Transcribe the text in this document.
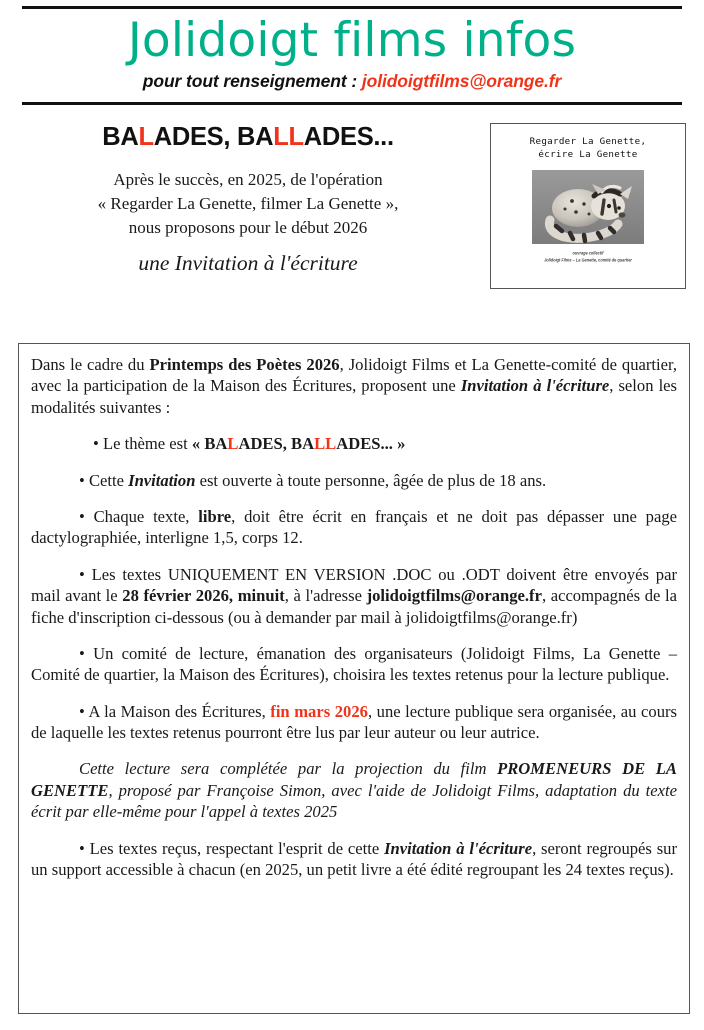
Jolidoigt films infos
pour tout renseignement : jolidoigtfilms@orange.fr
BALADES, BALLADES...
Après le succès, en 2025, de l'opération
« Regarder La Genette, filmer La Genette »,
nous proposons pour le début 2026
une Invitation à l'écriture
Regarder La Genette,
écrire La Genette
ouvrage collectif
Jolidoigt Films – La Genette, comité de quartier

Dans le cadre du Printemps des Poètes 2026, Jolidoigt Films et La Genette-comité de quartier, avec la participation de la Maison des Écritures, proposent une Invitation à l'écriture, selon les modalités suivantes :

• Le thème est « BALADES, BALLADES... »

• Cette Invitation est ouverte à toute personne, âgée de plus de 18 ans.

• Chaque texte, libre, doit être écrit en français et ne doit pas dépasser une page dactylographiée, interligne 1,5, corps 12.

• Les textes UNIQUEMENT EN VERSION .DOC ou .ODT doivent être envoyés par mail avant le 28 février 2026, minuit, à l'adresse jolidoigtfilms@orange.fr, accompagnés de la fiche d'inscription ci-dessous (ou à demander par mail à jolidoigtfilms@orange.fr)

• Un comité de lecture, émanation des organisateurs (Jolidoigt Films, La Genette – Comité de quartier, la Maison des Écritures), choisira les textes retenus pour la lecture publique.

• A la Maison des Écritures, fin mars 2026, une lecture publique sera organisée, au cours de laquelle les textes retenus pourront être lus par leur auteur ou leur autrice.

Cette lecture sera complétée par la projection du film PROMENEURS DE LA GENETTE, proposé par Françoise Simon, avec l'aide de Jolidoigt Films, adaptation du texte écrit par elle-même pour l'appel à textes 2025

• Les textes reçus, respectant l'esprit de cette Invitation à l'écriture, seront regroupés sur un support accessible à chacun (en 2025, un petit livre a été édité regroupant les 24 textes reçus).
